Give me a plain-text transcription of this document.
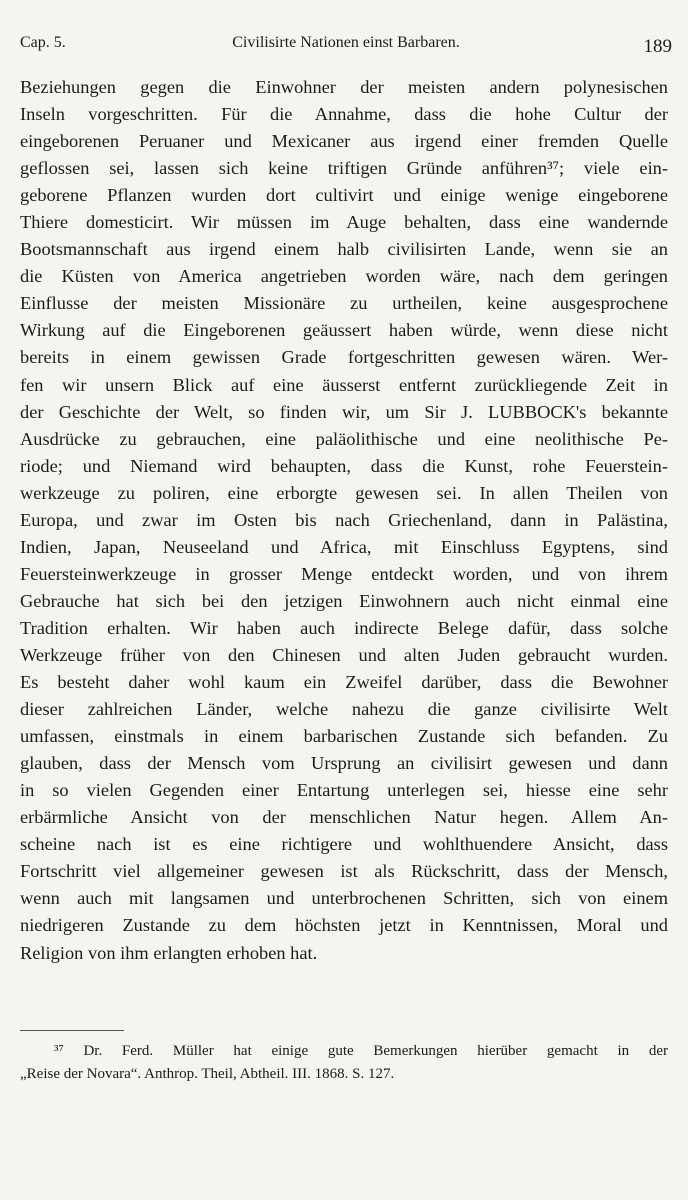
Cap. 5.	Civilisirte Nationen einst Barbaren.	189
Beziehungen gegen die Einwohner der meisten andern polynesischen
Inseln vorgeschritten. Für die Annahme, dass die hohe Cultur der
eingeborenen Peruaner und Mexicaner aus irgend einer fremden Quelle
geflossen sei, lassen sich keine triftigen Gründe anführen³⁷; viele ein-
geborene Pflanzen wurden dort cultivirt und einige wenige eingeborene
Thiere domesticirt. Wir müssen im Auge behalten, dass eine wandernde
Bootsmannschaft aus irgend einem halb civilisirten Lande, wenn sie an
die Küsten von America angetrieben worden wäre, nach dem geringen
Einflusse der meisten Missionäre zu urtheilen, keine ausgesprochene
Wirkung auf die Eingeborenen geäussert haben würde, wenn diese nicht
bereits in einem gewissen Grade fortgeschritten gewesen wären. Wer-
fen wir unsern Blick auf eine äusserst entfernt zurückliegende Zeit in
der Geschichte der Welt, so finden wir, um Sir J. LUBBOCK's bekannte
Ausdrücke zu gebrauchen, eine paläolithische und eine neolithische Pe-
riode; und Niemand wird behaupten, dass die Kunst, rohe Feuerstein-
werkzeuge zu poliren, eine erborgte gewesen sei. In allen Theilen von
Europa, und zwar im Osten bis nach Griechenland, dann in Palästina,
Indien, Japan, Neuseeland und Africa, mit Einschluss Egyptens, sind
Feuersteinwerkzeuge in grosser Menge entdeckt worden, und von ihrem
Gebrauche hat sich bei den jetzigen Einwohnern auch nicht einmal eine
Tradition erhalten. Wir haben auch indirecte Belege dafür, dass solche
Werkzeuge früher von den Chinesen und alten Juden gebraucht wurden.
Es besteht daher wohl kaum ein Zweifel darüber, dass die Bewohner
dieser zahlreichen Länder, welche nahezu die ganze civilisirte Welt
umfassen, einstmals in einem barbarischen Zustande sich befanden. Zu
glauben, dass der Mensch vom Ursprung an civilisirt gewesen und dann
in so vielen Gegenden einer Entartung unterlegen sei, hiesse eine sehr
erbärmliche Ansicht von der menschlichen Natur hegen. Allem An-
scheine nach ist es eine richtigere und wohlthuendere Ansicht, dass
Fortschritt viel allgemeiner gewesen ist als Rückschritt, dass der Mensch,
wenn auch mit langsamen und unterbrochenen Schritten, sich von einem
niedrigeren Zustande zu dem höchsten jetzt in Kenntnissen, Moral und
Religion von ihm erlangten erhoben hat.
³⁷ Dr. Ferd. Müller hat einige gute Bemerkungen hierüber gemacht in der
„Reise der Novara“. Anthrop. Theil, Abtheil. III. 1868. S. 127.
